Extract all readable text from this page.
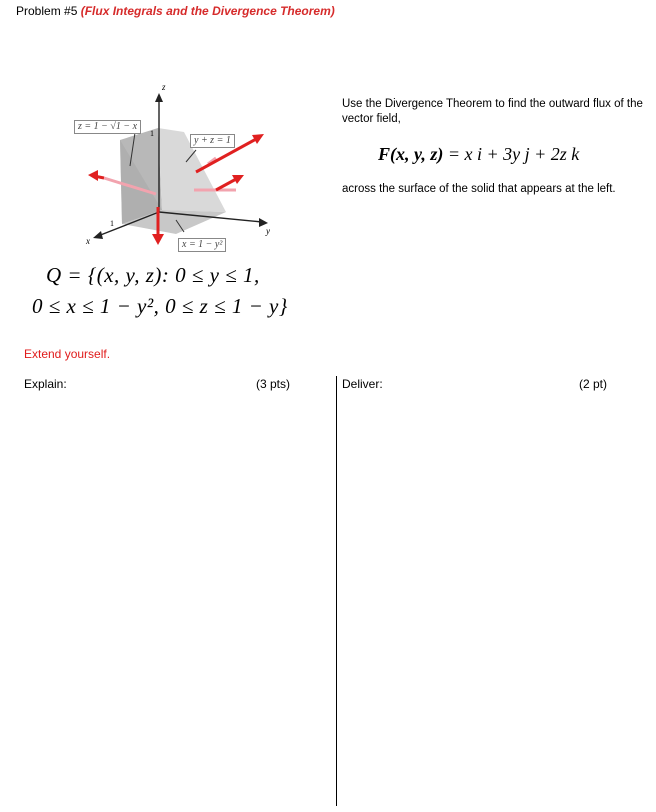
Problem #5 (Flux Integrals and the Divergence Theorem)
z
y
x
1
1
z = 1 − √1 − x
y + z = 1
x = 1 − y²
Q = {(x, y, z): 0 ≤ y ≤ 1,
0 ≤ x ≤ 1 − y², 0 ≤ z ≤ 1 − y}
Extend yourself.
Use the Divergence Theorem to find the outward flux of the vector field,
F(x, y, z) = x i + 3y j + 2z k
across the surface of the solid that appears at the left.
Explain:	(3 pts)	Deliver:	(2 pt)
